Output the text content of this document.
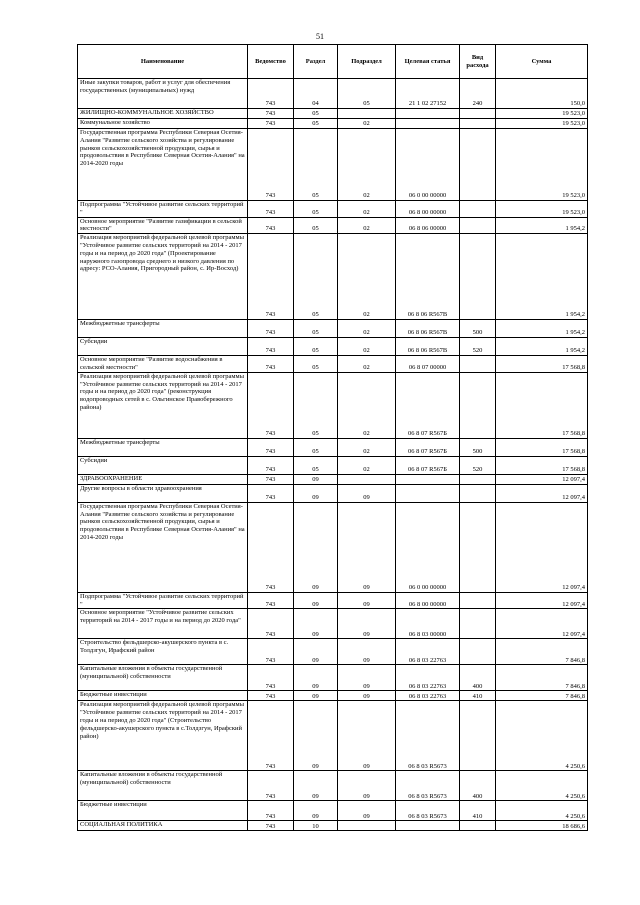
51
Наименование	Ведомство	Раздел	Подраздел	Целевая статья	Вид расхода	Сумма
Иные закупки товаров, работ и услуг для обеспечения государственных (муниципальных) нужд	743	04	05	21 1 02 27152	240	150,0
ЖИЛИЩНО-КОММУНАЛЬНОЕ ХОЗЯЙСТВО	743	05				19 523,0
Коммунальное хозяйство	743	05	02			19 523,0
Государственная программа Республики Северная Осетия-Алания "Развитие сельского хозяйства и регулирование рынков сельскохозяйственной продукции, сырья и продовольствия в Республике Северная Осетия-Алания" на 2014-2020 годы	743	05	02	06 0 00 00000		19 523,0
Подпрограмма "Устойчивое развитие сельских территорий "	743	05	02	06 8 00 00000		19 523,0
Основное мероприятие "Развитие газификации в сельской местности"	743	05	02	06 8 06 00000		1 954,2
Реализация мероприятий федеральной целевой программы "Устойчивое развитие сельских территорий на 2014 - 2017 годы и на период до 2020 года" (Проектирование наружного газопровода среднего и низкого давления по адресу: РСО-Алания, Пригородный район, с. Ир-Восход)	743	05	02	06 8 06 R567В		1 954,2
Межбюджетные трансферты	743	05	02	06 8 06 R567В	500	1 954,2
Субсидии	743	05	02	06 8 06 R567В	520	1 954,2
Основное мероприятие "Развитие водоснабжения в сельской местности"	743	05	02	06 8 07 00000		17 568,8
Реализация мероприятий федеральной целевой программы "Устойчивое развитие сельских территорий на 2014 - 2017 годы и на период до 2020 года" (реконструкция водопроводных сетей в с. Ольгинское Правобережного района)	743	05	02	06 8 07 R567Б		17 568,8
Межбюджетные трансферты	743	05	02	06 8 07 R567Б	500	17 568,8
Субсидии	743	05	02	06 8 07 R567Б	520	17 568,8
ЗДРАВООХРАНЕНИЕ	743	09				12 097,4
Другие вопросы в области здравоохранения	743	09	09			12 097,4
Государственная программа Республики Северная Осетия-Алания "Развитие сельского хозяйства и регулирование рынков сельскохозяйственной продукции, сырья и продовольствия в Республике Северная Осетия-Алания" на 2014-2020 годы	743	09	09	06 0 00 00000		12 097,4
Подпрограмма "Устойчивое развитие сельских территорий "	743	09	09	06 8 00 00000		12 097,4
Основное мероприятие "Устойчивое развитие сельских территорий на 2014 - 2017 годы и на период до 2020 года"	743	09	09	06 8 03 00000		12 097,4
Строительство фельдшерско-акушерского пункта в с. Толдзгун, Ирафский район	743	09	09	06 8 03 22763		7 846,8
Капитальные вложения в объекты государственной (муниципальной) собственности	743	09	09	06 8 03 22763	400	7 846,8
Бюджетные инвестиции	743	09	09	06 8 03 22763	410	7 846,8
Реализация мероприятий федеральной целевой программы "Устойчивое развитие сельских территорий на 2014 - 2017 годы и на период до 2020 года" (Строительство фельдшерско-акушерского пункта в с.Толдзгун, Ирафский район)	743	09	09	06 8 03 R5673		4 250,6
Капитальные вложения в объекты государственной (муниципальной) собственности	743	09	09	06 8 03 R5673	400	4 250,6
Бюджетные инвестиции	743	09	09	06 8 03 R5673	410	4 250,6
СОЦИАЛЬНАЯ ПОЛИТИКА	743	10				18 686,6
